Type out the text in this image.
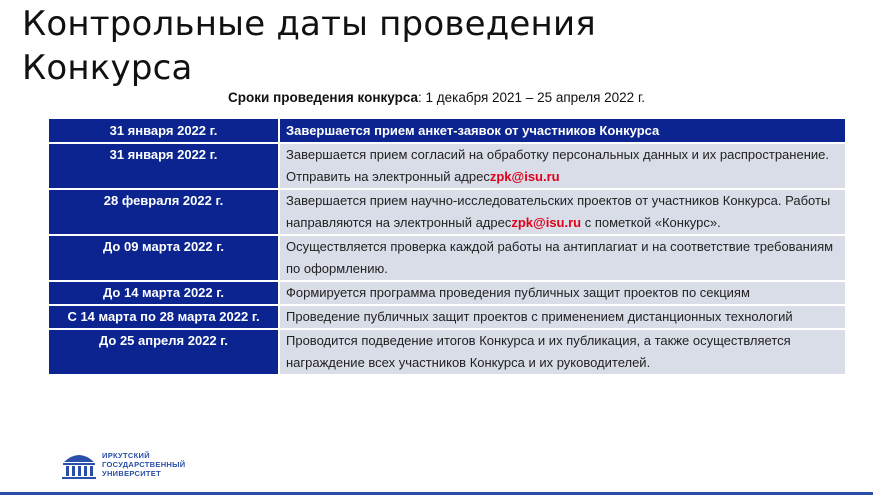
Контрольные даты проведения
Конкурса
Сроки проведения конкурса: 1 декабря 2021 – 25 апреля 2022 г.
31 января 2022 г.	Завершается прием анкет-заявок от участников Конкурса
31 января 2022 г.	Завершается прием согласий на обработку персональных данных и их распространение. Отправить на электронный адресzpk@isu.ru
28 февраля 2022 г.	Завершается прием научно-исследовательских проектов от участников Конкурса. Работы направляются на электронный адресzpk@isu.ru с пометкой «Конкурс».
До 09 марта 2022 г.	Осуществляется проверка каждой работы на антиплагиат и на соответствие требованиям по оформлению.
До 14 марта 2022 г.	Формируется программа проведения публичных защит проектов по секциям
С 14 марта по 28 марта 2022 г.	Проведение публичных защит проектов с применением дистанционных технологий
До 25 апреля 2022 г.	Проводится подведение итогов Конкурса и их публикация, а также осуществляется награждение всех участников Конкурса и их руководителей.
ИРКУТСКИЙ
ГОСУДАРСТВЕННЫЙ
УНИВЕРСИТЕТ
